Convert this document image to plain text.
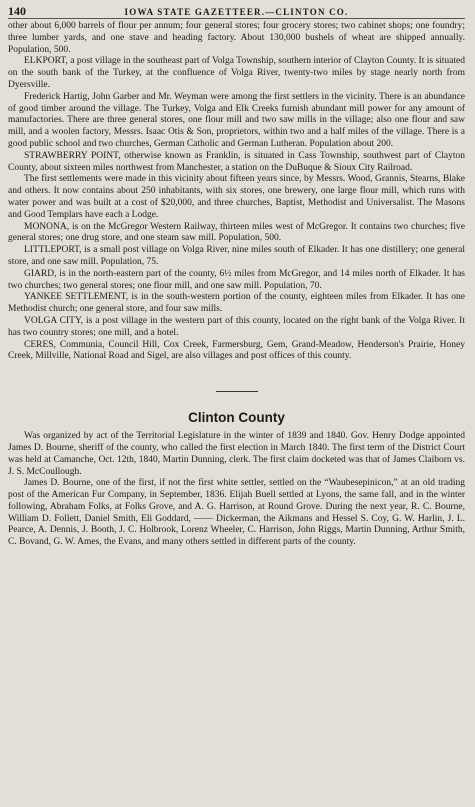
140	IOWA STATE GAZETTEER.—CLINTON CO.

other about 6,000 barrels of flour per annum; four general stores; four grocery stores; two cabinet shops; one foundry; three lumber yards, and one stave and heading factory. About 130,000 bushels of wheat are shipped annually. Population, 500.

ELKPORT, a post village in the southeast part of Volga Township, southern interior of Clayton County. It is situated on the south bank of the Turkey, at the confluence of Volga River, twenty-two miles by stage nearly north from Dyersville.

Frederick Hartig, John Garber and Mr. Weyman were among the first settlers in the vicinity. There is an abundance of good timber around the village. The Turkey, Volga and Elk Creeks furnish abundant mill power for any amount of manufactories. There are three general stores, one flour mill and two saw mills in the village; also one flour and saw mill, and a woolen factory, Messrs. Isaac Otis & Son, proprietors, within two and a half miles of the village. There is a good public school and two churches, German Catholic and German Lutheran. Population about 200.

STRAWBERRY POINT, otherwise known as Franklin, is situated in Cass Township, southwest part of Clayton County, about sixteen miles northwest from Manchester, a station on the DuBuque & Sioux City Railroad.

The first settlements were made in this vicinity about fifteen years since, by Messrs. Wood, Grannis, Stearns, Blake and others. It now contains about 250 inhabitants, with six stores, one brewery, one large flour mill, which runs with water power and was built at a cost of $20,000, and three churches, Baptist, Methodist and Universalist. The Masons and Good Templars have each a Lodge.

MONONA, is on the McGregor Western Railway, thirteen miles west of McGregor. It contains two churches; five general stores; one drug store, and one steam saw mill. Population, 500.

LITTLEPORT, is a small post village on Volga River, nine miles south of Elkader. It has one distillery; one general store, and one saw mill. Population, 75.

GIARD, is in the north-eastern part of the county, 6½ miles from McGregor, and 14 miles north of Elkader. It has two churches; two general stores; one flour mill, and one saw mill. Population, 70.

YANKEE SETTLEMENT, is in the south-western portion of the county, eighteen miles from Elkader. It has one Methodist church; one general store, and four saw mills.

VOLGA CITY, is a post village in the western part of this county, located on the right bank of the Volga River. It has two country stores; one mill, and a hotel.

CERES, Communia, Council Hill, Cox Creek, Farmersburg, Gem, Grand-Meadow, Henderson's Prairie, Honey Creek, Millville, National Road and Sigel, are also villages and post offices of this county.

Clinton County

Was organized by act of the Territorial Legislature in the winter of 1839 and 1840. Gov. Henry Dodge appointed James D. Bourne, sheriff of the county, who called the first election in March 1840. The first term of the District Court was held at Camanche, Oct. 12th, 1840, Martin Dunning, clerk. The first claim docketed was that of James Claiborn vs. J. S. McCoullough.

James D. Bourne, one of the first, if not the first white settler, settled on the “Waubesepinicon,” at an old trading post of the American Fur Company, in September, 1836. Elijah Buell settled at Lyons, the same fall, and in the winter following, Abraham Folks, at Folks Grove, and A. G. Harrison, at Round Grove. During the next year, R. C. Bourne, William D. Follett, Daniel Smith, Eli Goddard, —— Dickerman, the Aikmans and Hessel S. Coy, G. W. Harlin, J. L. Pearce, A. Dennis, J. Booth, J. C. Holbrook, Lorenz Wheeler, C. Harrison, John Riggs, Martin Dunning, Arthur Smith, C. Bovand, G. W. Ames, the Evans, and many others settled in different parts of the county.
